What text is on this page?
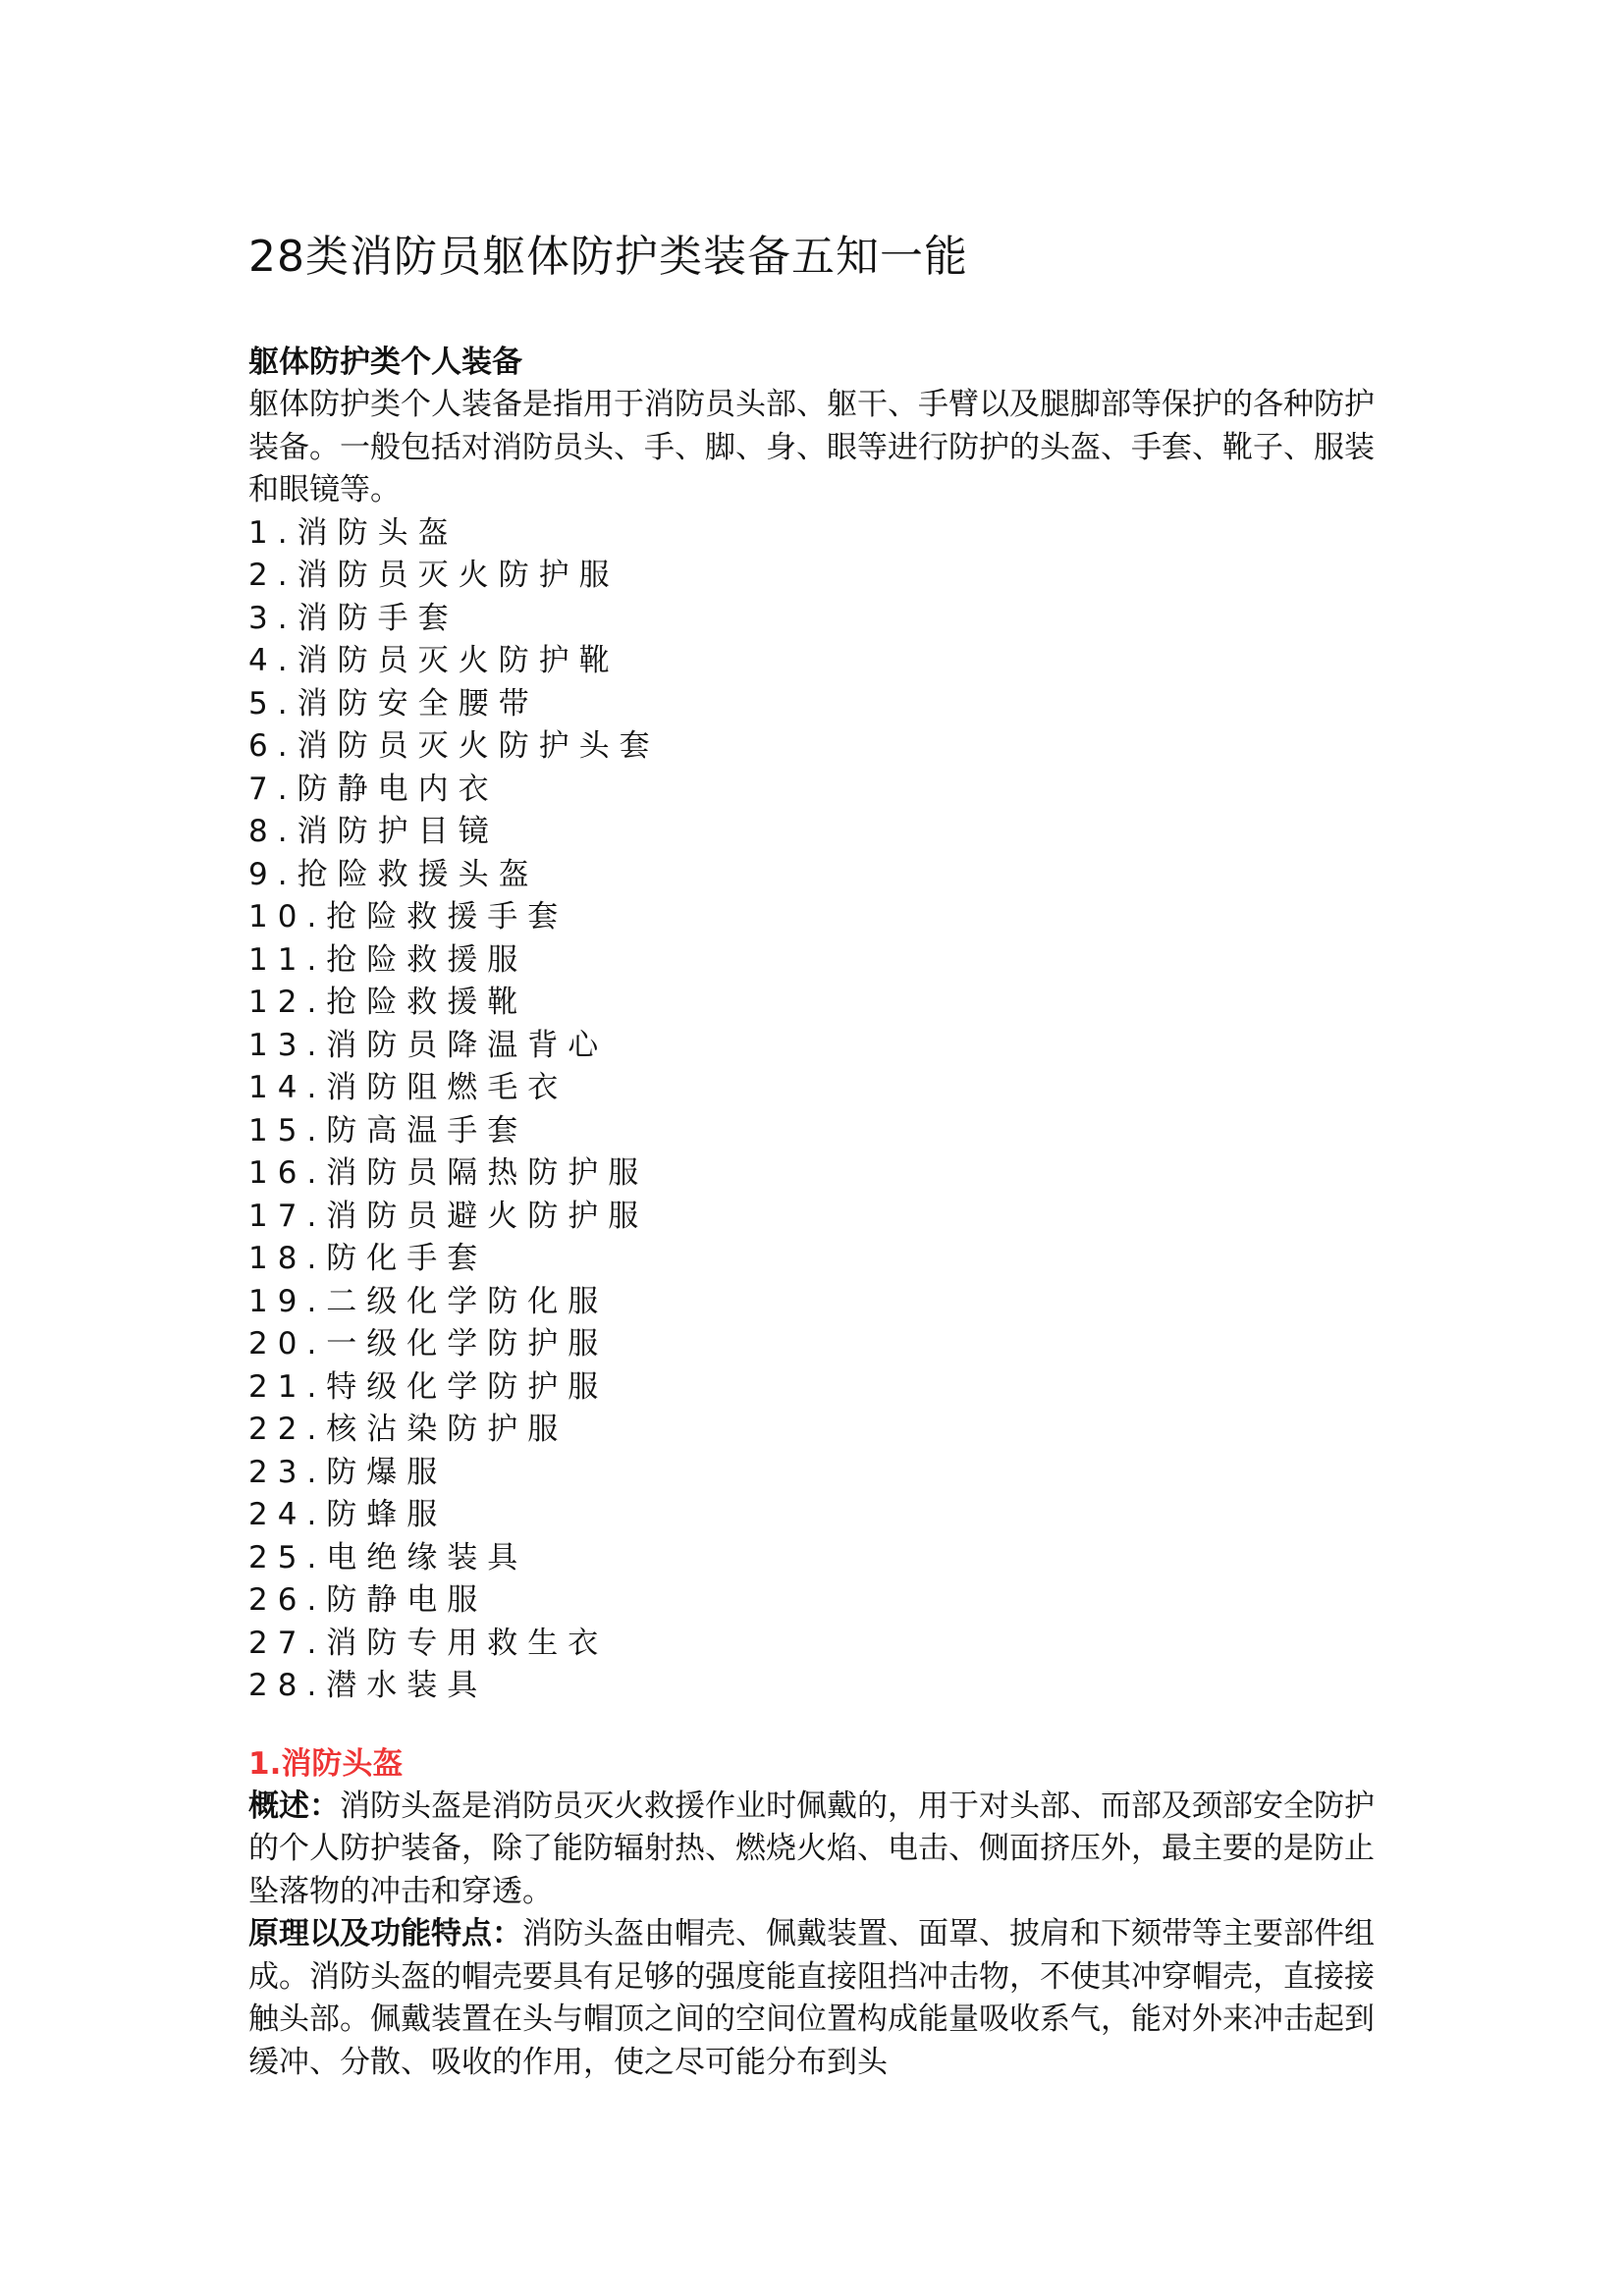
28类消防员躯体防护类装备五知一能
躯体防护类个人装备
躯体防护类个人装备是指用于消防员头部、躯干、手臂以及腿脚部等保护的各种防护装备。一般包括对消防员头、手、脚、身、眼等进行防护的头盔、手套、靴子、服装和眼镜等。
1.消防头盔
2.消防员灭火防护服
3.消防手套
4.消防员灭火防护靴
5.消防安全腰带
6.消防员灭火防护头套
7.防静电内衣
8.消防护目镜
9.抢险救援头盔
10.抢险救援手套
11.抢险救援服
12.抢险救援靴
13.消防员降温背心
14.消防阻燃毛衣
15.防高温手套
16.消防员隔热防护服
17.消防员避火防护服
18.防化手套
19.二级化学防化服
20.一级化学防护服
21.特级化学防护服
22.核沾染防护服
23.防爆服
24.防蜂服
25.电绝缘装具
26.防静电服
27.消防专用救生衣
28.潜水装具
1.消防头盔
概述：消防头盔是消防员灭火救援作业时佩戴的，用于对头部、而部及颈部安全防护的个人防护装备，除了能防辐射热、燃烧火焰、电击、侧面挤压外，最主要的是防止坠落物的冲击和穿透。
原理以及功能特点：消防头盔由帽壳、佩戴装置、面罩、披肩和下颏带等主要部件组成。消防头盔的帽壳要具有足够的强度能直接阻挡冲击物，不使其冲穿帽壳，直接接触头部。佩戴装置在头与帽顶之间的空间位置构成能量吸收系气，能对外来冲击起到缓冲、分散、吸收的作用，使之尽可能分布到头
